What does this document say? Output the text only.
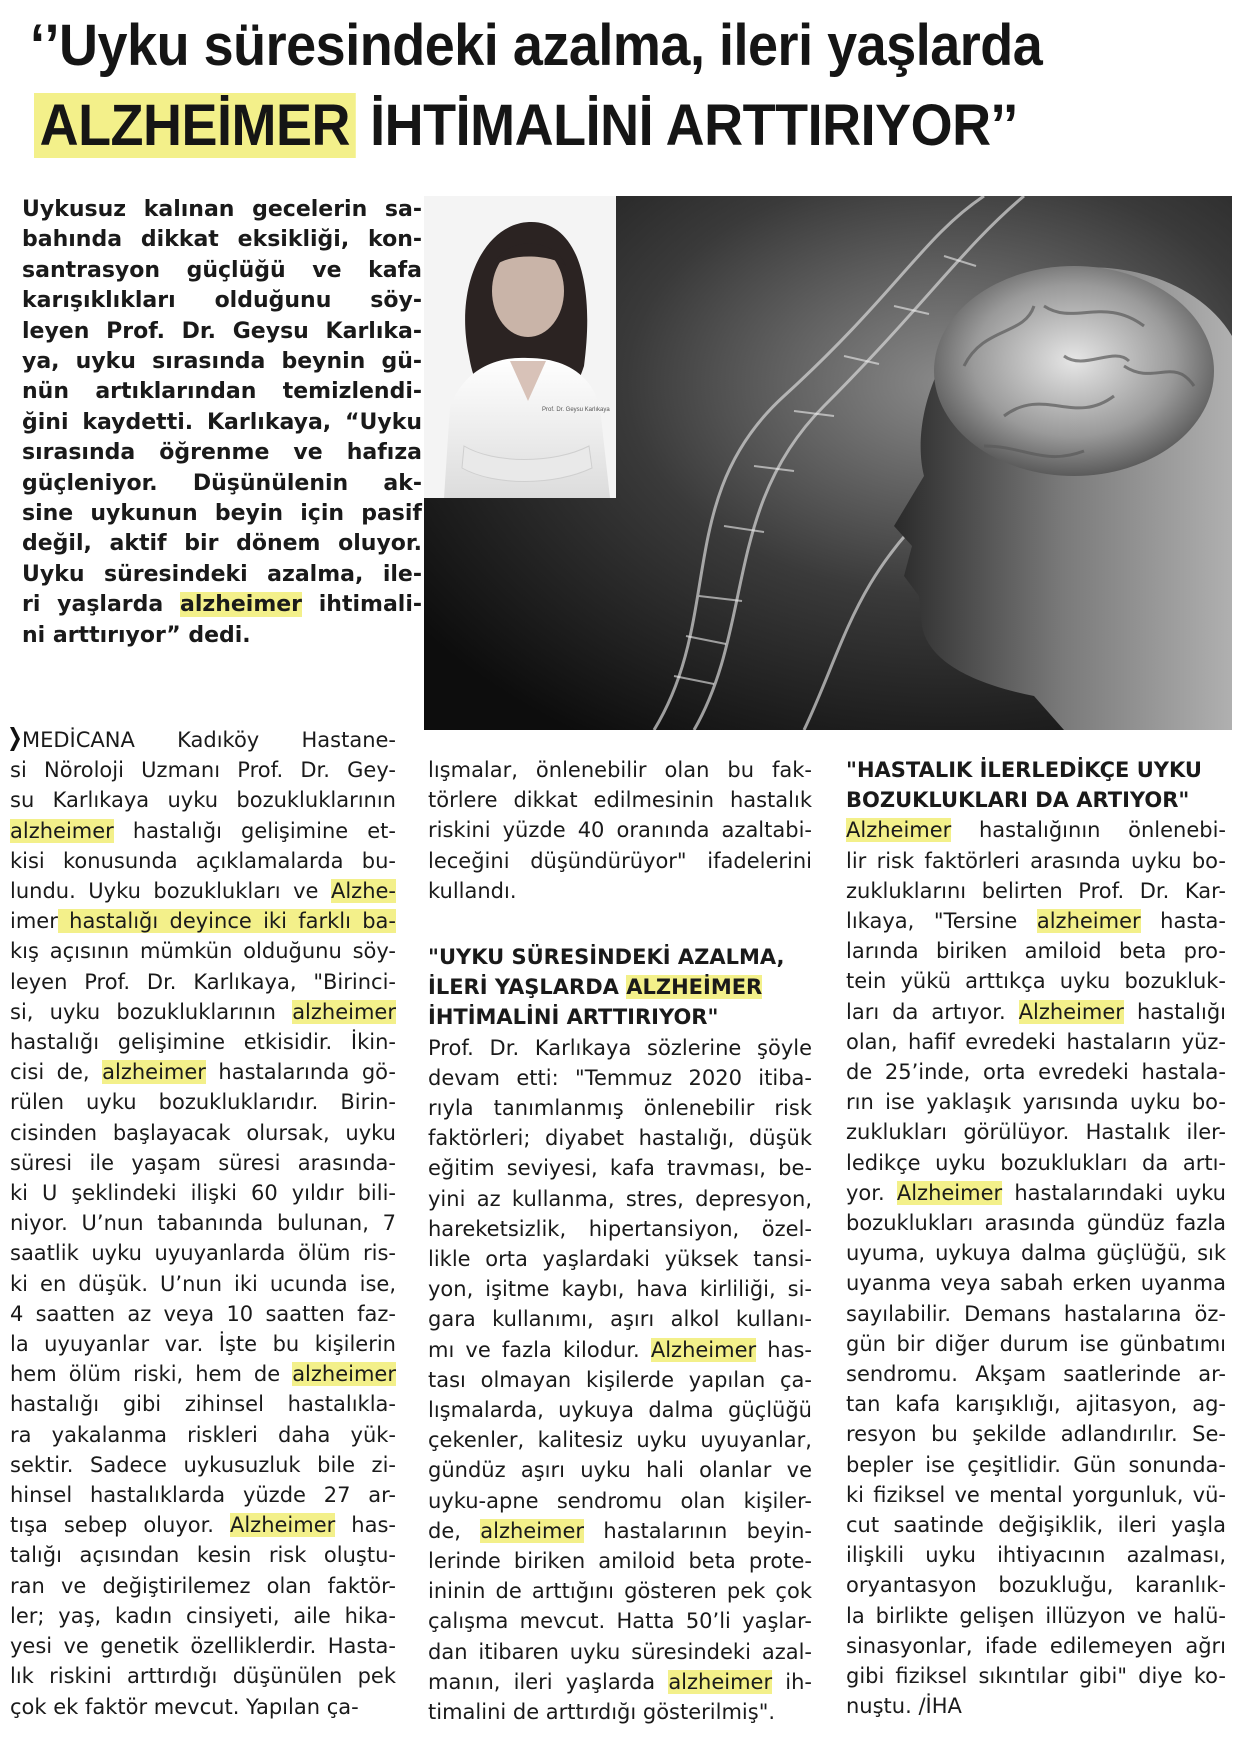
‘’Uyku süresindeki azalma, ileri yaşlarda
ALZHEİMER İHTİMALİNİ ARTTIRIYOR’’
Uykusuz kalınan gecelerin sa-
bahında dikkat eksikliği, kon-
santrasyon güçlüğü ve kafa
karışıklıkları olduğunu söy-
leyen Prof. Dr. Geysu Karlıka-
ya, uyku sırasında beynin gü-
nün artıklarından temizlendi-
ğini kaydetti. Karlıkaya, “Uyku
sırasında öğrenme ve hafıza
güçleniyor. Düşünülenin ak-
sine uykunun beyin için pasif
değil, aktif bir dönem oluyor.
Uyku süresindeki azalma, ile-
ri yaşlarda alzheimer ihtimali-
ni arttırıyor” dedi.
Prof. Dr. Geysu Karlıkaya
MEDİCANA Kadıköy Hastane-
si Nöroloji Uzmanı Prof. Dr. Gey-
su Karlıkaya uyku bozukluklarının
alzheimer hastalığı gelişimine et-
kisi konusunda açıklamalarda bu-
lundu. Uyku bozuklukları ve Alzhe-
imer hastalığı deyince iki farklı ba-
kış açısının mümkün olduğunu söy-
leyen Prof. Dr. Karlıkaya, "Birinci-
si, uyku bozukluklarının alzheimer
hastalığı gelişimine etkisidir. İkin-
cisi de, alzheimer hastalarında gö-
rülen uyku bozukluklarıdır. Birin-
cisinden başlayacak olursak, uyku
süresi ile yaşam süresi arasında-
ki U şeklindeki ilişki 60 yıldır bili-
niyor. U’nun tabanında bulunan, 7
saatlik uyku uyuyanlarda ölüm ris-
ki en düşük. U’nun iki ucunda ise,
4 saatten az veya 10 saatten faz-
la uyuyanlar var. İşte bu kişilerin
hem ölüm riski, hem de alzheimer
hastalığı gibi zihinsel hastalıkla-
ra yakalanma riskleri daha yük-
sektir. Sadece uykusuzluk bile zi-
hinsel hastalıklarda yüzde 27 ar-
tışa sebep oluyor. Alzheimer has-
talığı açısından kesin risk oluştu-
ran ve değiştirilemez olan faktör-
ler; yaş, kadın cinsiyeti, aile hika-
yesi ve genetik özelliklerdir. Hasta-
lık riskini arttırdığı düşünülen pek
çok ek faktör mevcut. Yapılan ça-
lışmalar, önlenebilir olan bu fak-
törlere dikkat edilmesinin hastalık
riskini yüzde 40 oranında azaltabi-
leceğini düşündürüyor" ifadelerini
kullandı.
"UYKU SÜRESİNDEKİ AZALMA,
İLERİ YAŞLARDA ALZHEİMER
İHTİMALİNİ ARTTIRIYOR"
Prof. Dr. Karlıkaya sözlerine şöyle
devam etti: "Temmuz 2020 itiba-
rıyla tanımlanmış önlenebilir risk
faktörleri; diyabet hastalığı, düşük
eğitim seviyesi, kafa travması, be-
yini az kullanma, stres, depresyon,
hareketsizlik, hipertansiyon, özel-
likle orta yaşlardaki yüksek tansi-
yon, işitme kaybı, hava kirliliği, si-
gara kullanımı, aşırı alkol kullanı-
mı ve fazla kilodur. Alzheimer has-
tası olmayan kişilerde yapılan ça-
lışmalarda, uykuya dalma güçlüğü
çekenler, kalitesiz uyku uyuyanlar,
gündüz aşırı uyku hali olanlar ve
uyku-apne sendromu olan kişiler-
de, alzheimer hastalarının beyin-
lerinde biriken amiloid beta prote-
ininin de arttığını gösteren pek çok
çalışma mevcut. Hatta 50’li yaşlar-
dan itibaren uyku süresindeki azal-
manın, ileri yaşlarda alzheimer ih-
timalini de arttırdığı gösterilmiş".
"HASTALIK İLERLEDİKÇE UYKU
BOZUKLUKLARI DA ARTIYOR"
Alzheimer hastalığının önlenebi-
lir risk faktörleri arasında uyku bo-
zukluklarını belirten Prof. Dr. Kar-
lıkaya, "Tersine alzheimer hasta-
larında biriken amiloid beta pro-
tein yükü arttıkça uyku bozukluk-
ları da artıyor. Alzheimer hastalığı
olan, hafif evredeki hastaların yüz-
de 25’inde, orta evredeki hastala-
rın ise yaklaşık yarısında uyku bo-
zuklukları görülüyor. Hastalık iler-
ledikçe uyku bozuklukları da artı-
yor. Alzheimer hastalarındaki uyku
bozuklukları arasında gündüz fazla
uyuma, uykuya dalma güçlüğü, sık
uyanma veya sabah erken uyanma
sayılabilir. Demans hastalarına öz-
gün bir diğer durum ise günbatımı
sendromu. Akşam saatlerinde ar-
tan kafa karışıklığı, ajitasyon, ag-
resyon bu şekilde adlandırılır. Se-
bepler ise çeşitlidir. Gün sonunda-
ki fiziksel ve mental yorgunluk, vü-
cut saatinde değişiklik, ileri yaşla
ilişkili uyku ihtiyacının azalması,
oryantasyon bozukluğu, karanlık-
la birlikte gelişen illüzyon ve halü-
sinasyonlar, ifade edilemeyen ağrı
gibi fiziksel sıkıntılar gibi" diye ko-
nuştu. /İHA
